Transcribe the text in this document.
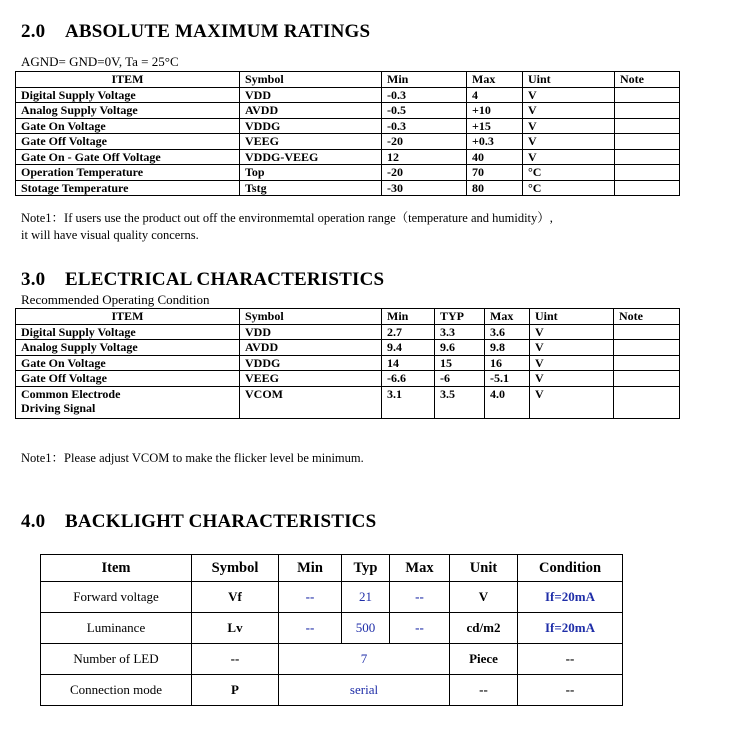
2.0 ABSOLUTE MAXIMUM RATINGS
AGND= GND=0V, Ta = 25°C
ITEM	Symbol	Min	Max	Uint	Note
Digital Supply Voltage	VDD	-0.3	4	V	
Analog Supply Voltage	AVDD	-0.5	+10	V	
Gate On Voltage	VDDG	-0.3	+15	V	
Gate Off Voltage	VEEG	-20	+0.3	V	
Gate On - Gate Off Voltage	VDDG-VEEG	12	40	V	
Operation Temperature	Top	-20	70	°C	
Stotage Temperature	Tstg	-30	80	°C	
Note1：If users use the product out off the environmemtal operation range（temperature and humidity）,
it will have visual quality concerns.
3.0 ELECTRICAL CHARACTERISTICS
Recommended Operating Condition
ITEM	Symbol	Min	TYP	Max	Uint	Note
Digital Supply Voltage	VDD	2.7	3.3	3.6	V	
Analog Supply Voltage	AVDD	9.4	9.6	9.8	V	
Gate On Voltage	VDDG	14	15	16	V	
Gate Off Voltage	VEEG	-6.6	-6	-5.1	V	

Common Electrode
Driving Signal	VCOM	3.1	3.5	4.0	V	
Note1：Please adjust VCOM to make the flicker level be minimum.
4.0 BACKLIGHT CHARACTERISTICS
Item	Symbol	Min	Typ	Max	Unit	Condition
Forward voltage	Vf	--	21	--	V	If=20mA
Luminance	Lv	--	500	--	cd/m2	If=20mA
Number of LED	--	7			Piece	--
Connection mode	P	serial			--	--
